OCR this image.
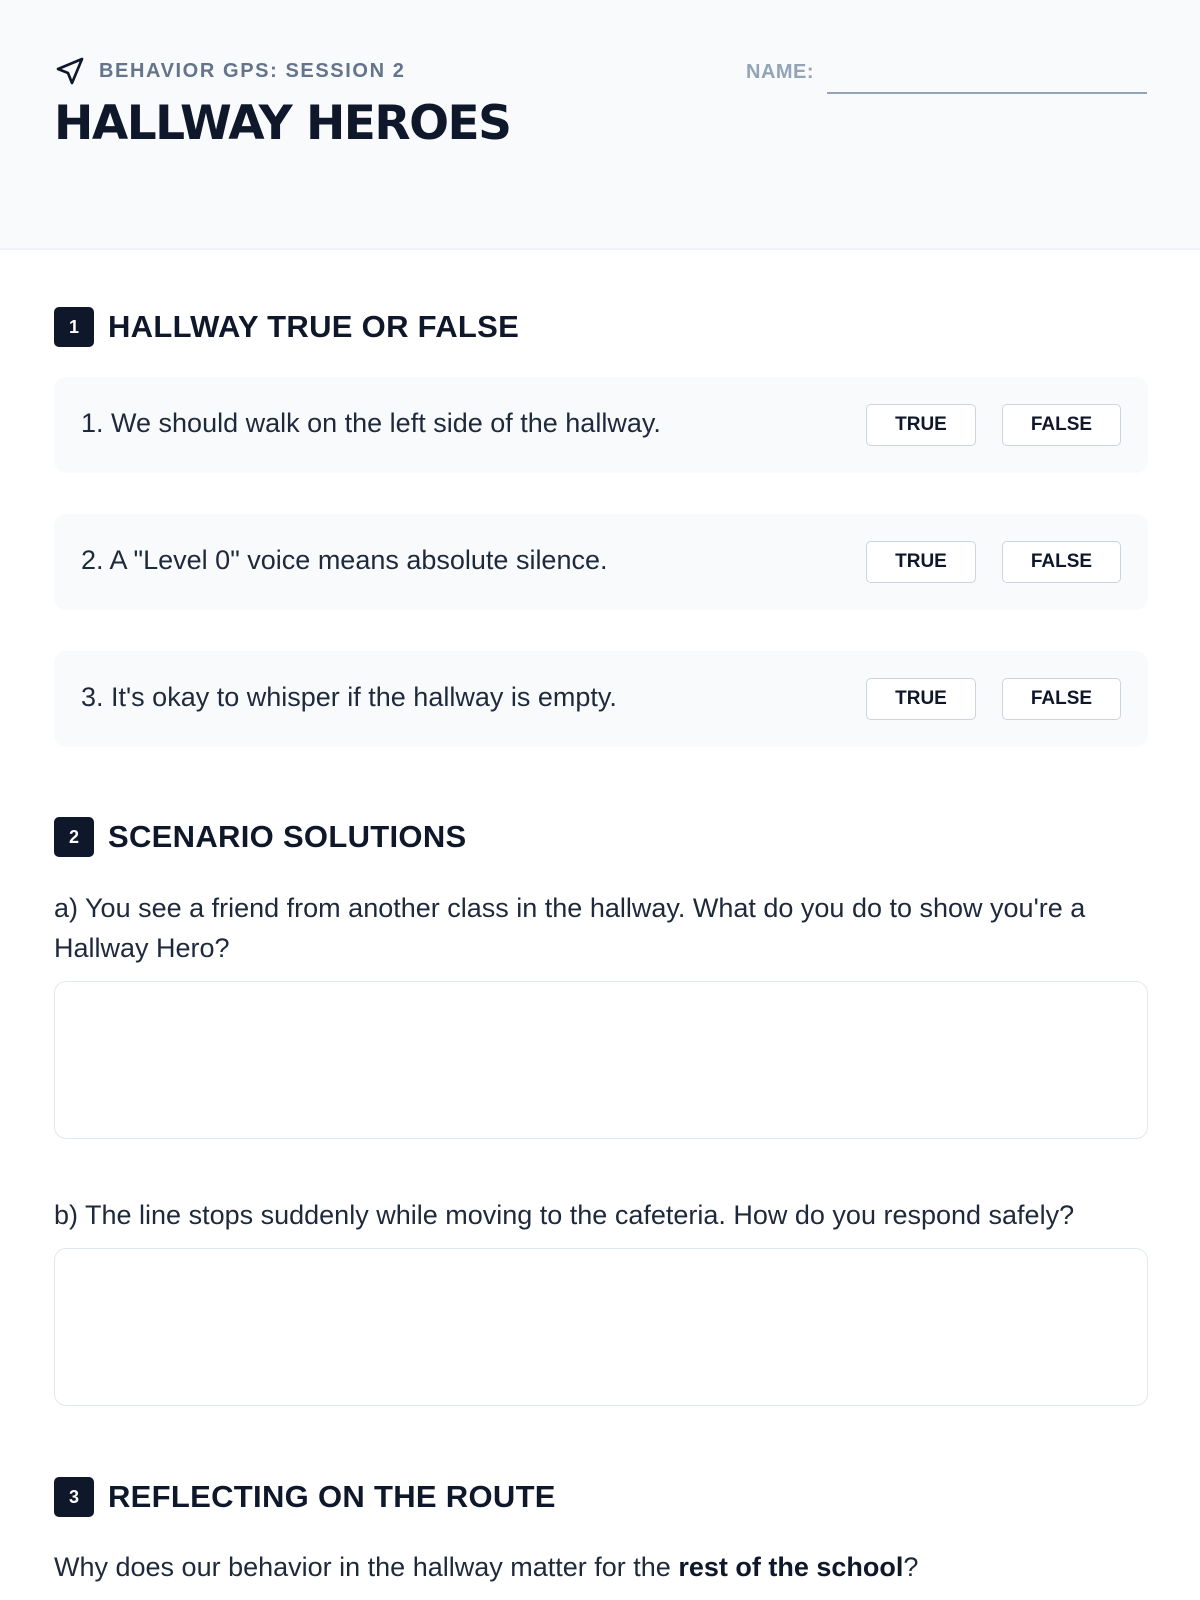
BEHAVIOR GPS: SESSION 2
HALLWAY HEROES
NAME:
1 HALLWAY TRUE OR FALSE
1. We should walk on the left side of the hallway.	TRUE	FALSE
2. A "Level 0" voice means absolute silence.	TRUE	FALSE
3. It's okay to whisper if the hallway is empty.	TRUE	FALSE
2 SCENARIO SOLUTIONS
a) You see a friend from another class in the hallway. What do you do to show you're a Hallway Hero?
b) The line stops suddenly while moving to the cafeteria. How do you respond safely?
3 REFLECTING ON THE ROUTE
Why does our behavior in the hallway matter for the rest of the school?
